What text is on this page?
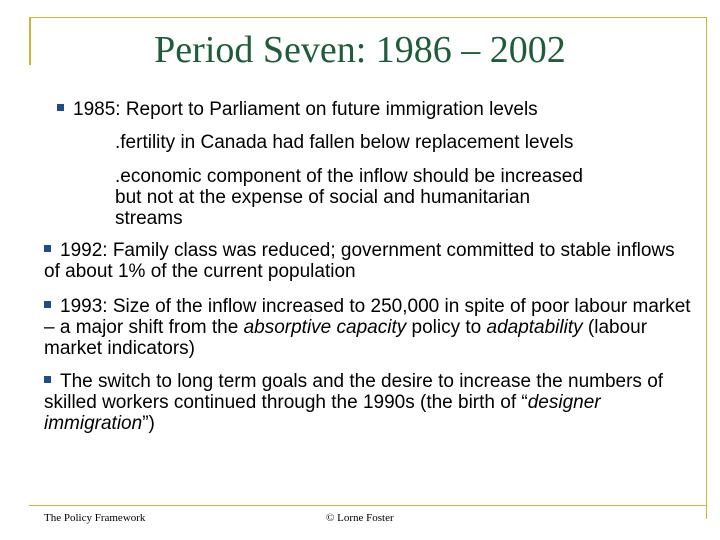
Period Seven: 1986 – 2002
1985: Report to Parliament on future immigration levels
.fertility in Canada had fallen below replacement levels
.economic component of the inflow should be increased
but not at the expense of social and humanitarian
streams
1992: Family class was reduced; government committed to stable inflows of about 1% of the current population
1993: Size of the inflow increased to 250,000 in spite of poor labour market – a major shift from the absorptive capacity policy to adaptability (labour market indicators)
The switch to long term goals and the desire to increase the numbers of skilled workers continued through the 1990s (the birth of “designer immigration”)
The Policy Framework	© Lorne Foster
